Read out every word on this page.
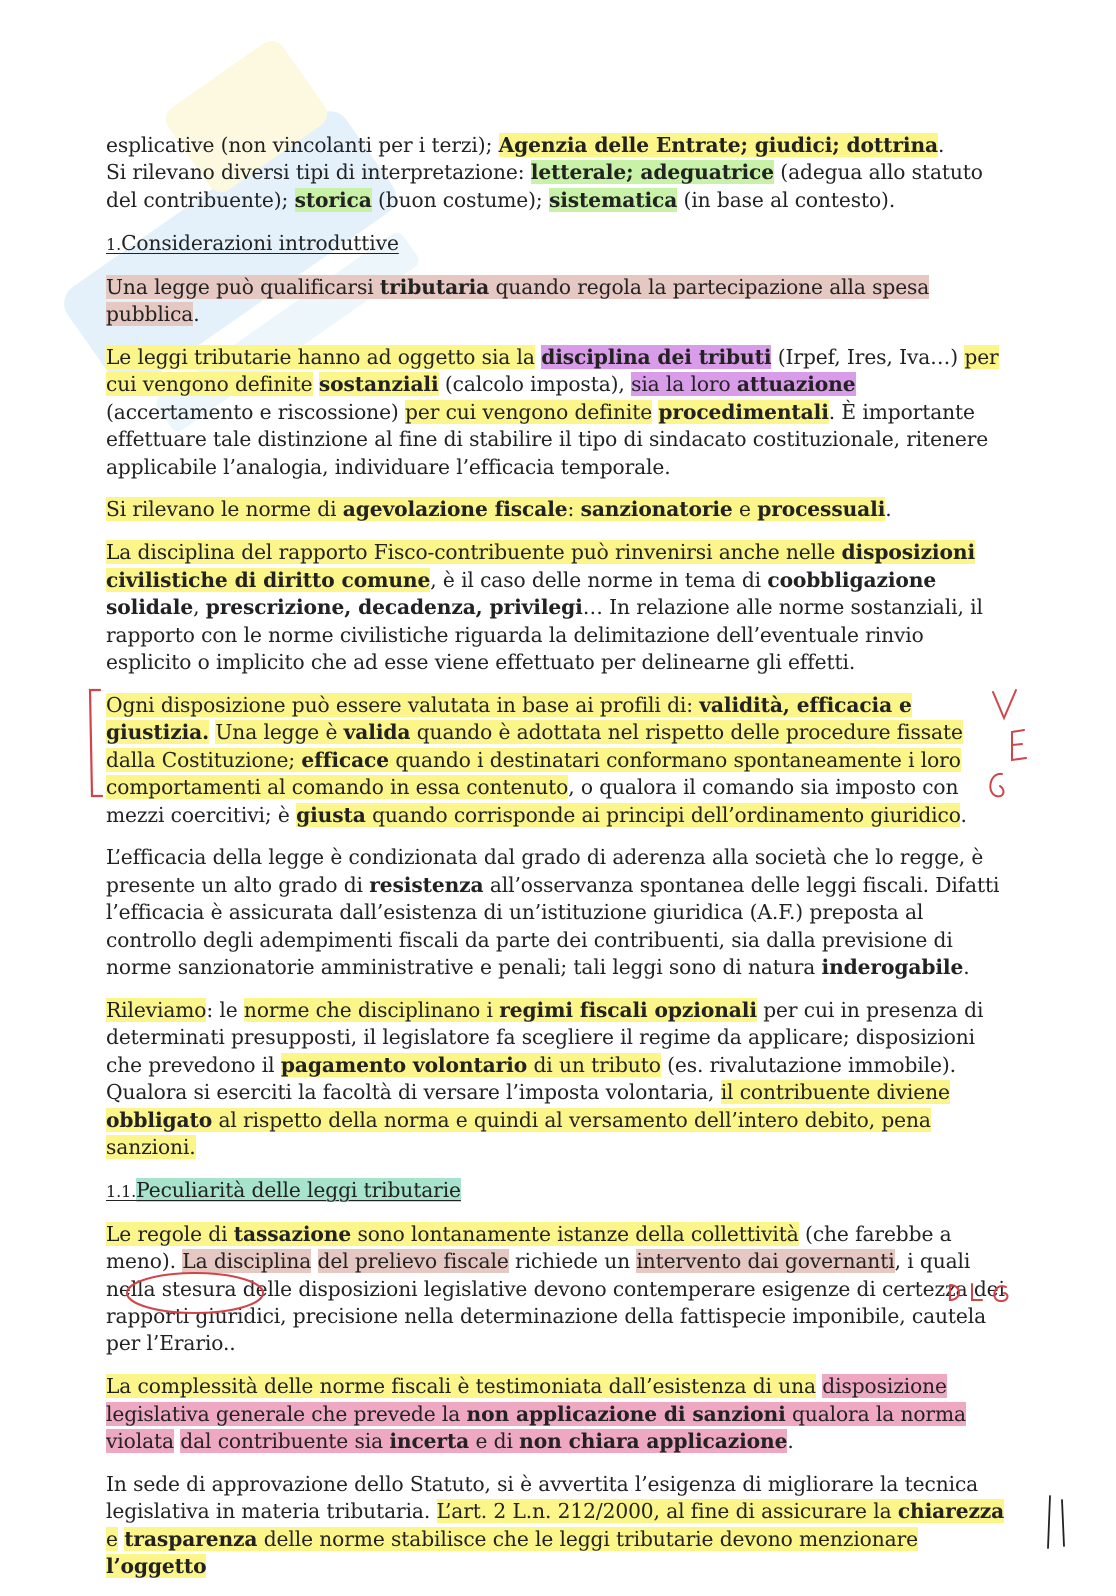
esplicative (non vincolanti per i terzi); Agenzia delle Entrate; giudici; dottrina.

Si rilevano diversi tipi di interpretazione: letterale; adeguatrice (adegua allo statuto del contribuente); storica (buon costume); sistematica (in base al contesto).

1.Considerazioni introduttive

Una legge può qualificarsi tributaria quando regola la partecipazione alla spesa pubblica.

Le leggi tributarie hanno ad oggetto sia la disciplina dei tributi (Irpef, Ires, Iva…) per cui vengono definite sostanziali (calcolo imposta), sia la loro attuazione (accertamento e riscossione) per cui vengono definite procedimentali. È importante effettuare tale distinzione al fine di stabilire il tipo di sindacato costituzionale, ritenere applicabile l’analogia, individuare l’efficacia temporale.

Si rilevano le norme di agevolazione fiscale: sanzionatorie e processuali.

La disciplina del rapporto Fisco-contribuente può rinvenirsi anche nelle disposizioni civilistiche di diritto comune, è il caso delle norme in tema di coobbligazione solidale, prescrizione, decadenza, privilegi… In relazione alle norme sostanziali, il rapporto con le norme civilistiche riguarda la delimitazione dell’eventuale rinvio esplicito o implicito che ad esse viene effettuato per delinearne gli effetti.

Ogni disposizione può essere valutata in base ai profili di: validità, efficacia e giustizia. Una legge è valida quando è adottata nel rispetto delle procedure fissate dalla Costituzione; efficace quando i destinatari conformano spontaneamente i loro comportamenti al comando in essa contenuto, o qualora il comando sia imposto con mezzi coercitivi; è giusta quando corrisponde ai principi dell’ordinamento giuridico.

L’efficacia della legge è condizionata dal grado di aderenza alla società che lo regge, è presente un alto grado di resistenza all’osservanza spontanea delle leggi fiscali. Difatti l’efficacia è assicurata dall’esistenza di un’istituzione giuridica (A.F.) preposta al controllo degli adempimenti fiscali da parte dei contribuenti, sia dalla previsione di norme sanzionatorie amministrative e penali; tali leggi sono di natura inderogabile.

Rileviamo: le norme che disciplinano i regimi fiscali opzionali per cui in presenza di determinati presupposti, il legislatore fa scegliere il regime da applicare; disposizioni che prevedono il pagamento volontario di un tributo (es. rivalutazione immobile). Qualora si eserciti la facoltà di versare l’imposta volontaria, il contribuente diviene obbligato al rispetto della norma e quindi al versamento dell’intero debito, pena sanzioni.

1.1.Peculiarità delle leggi tributarie

Le regole di tassazione sono lontanamente istanze della collettività (che farebbe a meno). La disciplina del prelievo fiscale richiede un intervento dai governanti, i quali nella stesura delle disposizioni legislative devono contemperare esigenze di certezza dei rapporti giuridici, precisione nella determinazione della fattispecie imponibile, cautela per l’Erario..

La complessità delle norme fiscali è testimoniata dall’esistenza di una disposizione legislativa generale che prevede la non applicazione di sanzioni qualora la norma violata dal contribuente sia incerta e di non chiara applicazione.

In sede di approvazione dello Statuto, si è avvertita l’esigenza di migliorare la tecnica legislativa in materia tributaria. L’art. 2 L.n. 212/2000, al fine di assicurare la chiarezza e trasparenza delle norme stabilisce che le leggi tributarie devono menzionare l’oggetto
